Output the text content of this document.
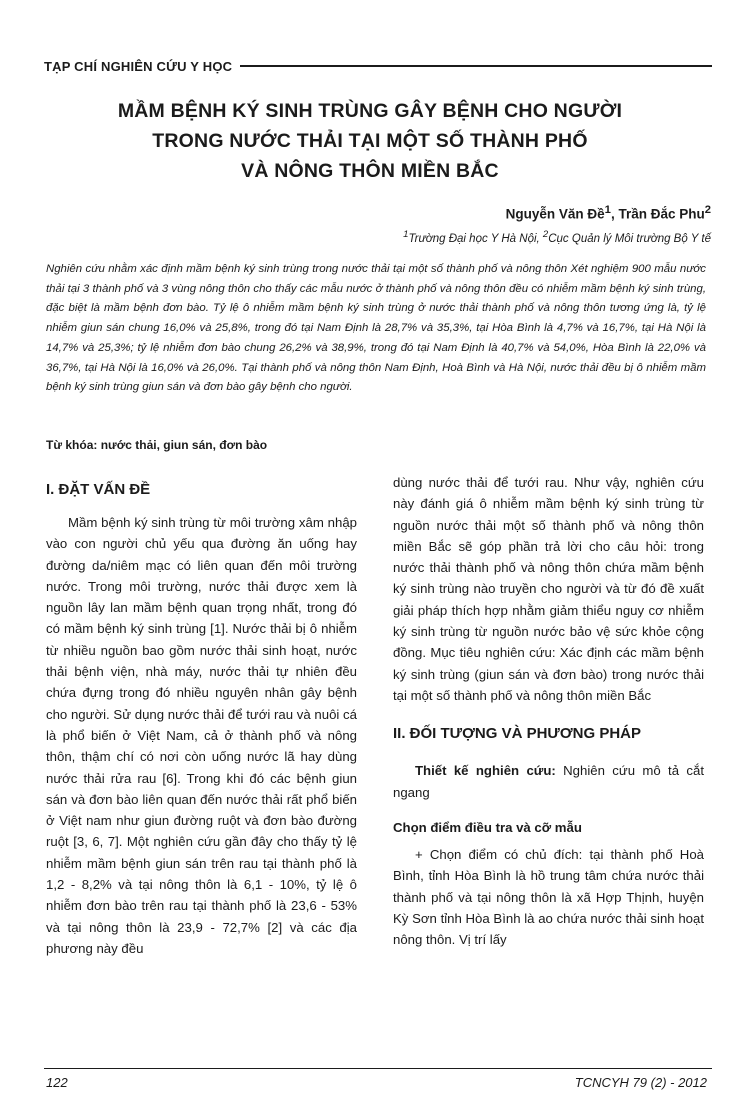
TẠP CHÍ NGHIÊN CỨU Y HỌC
MẦM BỆNH KÝ SINH TRÙNG GÂY BỆNH CHO NGƯỜI
TRONG NƯỚC THẢI TẠI MỘT SỐ THÀNH PHỐ
VÀ NÔNG THÔN MIỀN BẮC
Nguyễn Văn Đề$^1$, Trần Đắc Phu$^2$
$^1$Trường Đại học Y Hà Nội, $^2$Cục Quản lý Môi trường Bộ Y tế
Nghiên cứu nhằm xác định mầm bệnh ký sinh trùng trong nước thải tại một số thành phố và nông thôn Xét nghiệm 900 mẫu nước thải tại 3 thành phố và 3 vùng nông thôn cho thấy các mẫu nước ở thành phố và nông thôn đều có nhiễm mầm bệnh ký sinh trùng, đặc biệt là mầm bệnh đơn bào. Tỷ lệ ô nhiễm mầm bệnh ký sinh trùng ở nước thải thành phố và nông thôn tương ứng là, tỷ lệ nhiễm giun sán chung 16,0% và 25,8%, trong đó tại Nam Định là 28,7% và 35,3%, tại Hòa Bình là 4,7% và 16,7%, tại Hà Nội là 14,7% và 25,3%; tỷ lệ nhiễm đơn bào chung 26,2% và 38,9%, trong đó tại Nam Định là 40,7% và 54,0%, Hòa Bình là 22,0% và 36,7%, tại Hà Nội là 16,0% và 26,0%. Tại thành phố và nông thôn Nam Định, Hoà Bình và Hà Nội, nước thải đều bị ô nhiễm mầm bệnh ký sinh trùng giun sán và đơn bào gây bệnh cho người.
Từ khóa: nước thải, giun sán, đơn bào
I. ĐẶT VẤN ĐỀ

Mầm bệnh ký sinh trùng từ môi trường xâm nhập vào con người chủ yếu qua đường ăn uống hay đường da/niêm mạc có liên quan đến môi trường nước. Trong môi trường, nước thải được xem là nguồn lây lan mầm bệnh quan trọng nhất, trong đó có mầm bệnh ký sinh trùng [1]. Nước thải bị ô nhiễm từ nhiều nguồn bao gồm nước thải sinh hoạt, nước thải bệnh viện, nhà máy, nước thải tự nhiên đều chứa đựng trong đó nhiều nguyên nhân gây bệnh cho người. Sử dụng nước thải để tưới rau và nuôi cá là phổ biến ở Việt Nam, cả ở thành phố và nông thôn, thậm chí có nơi còn uống nước lã hay dùng nước thải rửa rau [6]. Trong khi đó các bệnh giun sán và đơn bào liên quan đến nước thải rất phổ biến ở Việt nam như giun đường ruột và đơn bào đường ruột [3, 6, 7]. Một nghiên cứu gần đây cho thấy tỷ lệ nhiễm mầm bệnh giun sán trên rau tại thành phố là 1,2 - 8,2% và tại nông thôn là 6,1 - 10%, tỷ lệ ô nhiễm đơn bào trên rau tại thành phố là 23,6 - 53% và tại nông thôn là 23,9 - 72,7% [2] và các địa phương này đều

dùng nước thải để tưới rau. Như vậy, nghiên cứu này đánh giá ô nhiễm mầm bệnh ký sinh trùng từ nguồn nước thải một số thành phố và nông thôn miền Bắc sẽ góp phần trả lời cho câu hỏi: trong nước thải thành phố và nông thôn chứa mầm bệnh ký sinh trùng nào truyền cho người và từ đó đề xuất giải pháp thích hợp nhằm giảm thiểu nguy cơ nhiễm ký sinh trùng từ nguồn nước bảo vệ sức khỏe cộng đồng. Mục tiêu nghiên cứu: Xác định các mầm bệnh ký sinh trùng (giun sán và đơn bào) trong nước thải tại một số thành phố và nông thôn miền Bắc

II. ĐỐI TƯỢNG VÀ PHƯƠNG PHÁP

Thiết kế nghiên cứu: Nghiên cứu mô tả cắt ngang

Chọn điểm điều tra và cỡ mẫu

+ Chọn điểm có chủ đích: tại thành phố Hoà Bình, tỉnh Hòa Bình là hồ trung tâm chứa nước thải thành phố và tại nông thôn là xã Hợp Thịnh, huyện Kỳ Sơn tỉnh Hòa Bình là ao chứa nước thải sinh hoạt nông thôn. Vị trí lấy

122	TCNCYH 79 (2) - 2012
